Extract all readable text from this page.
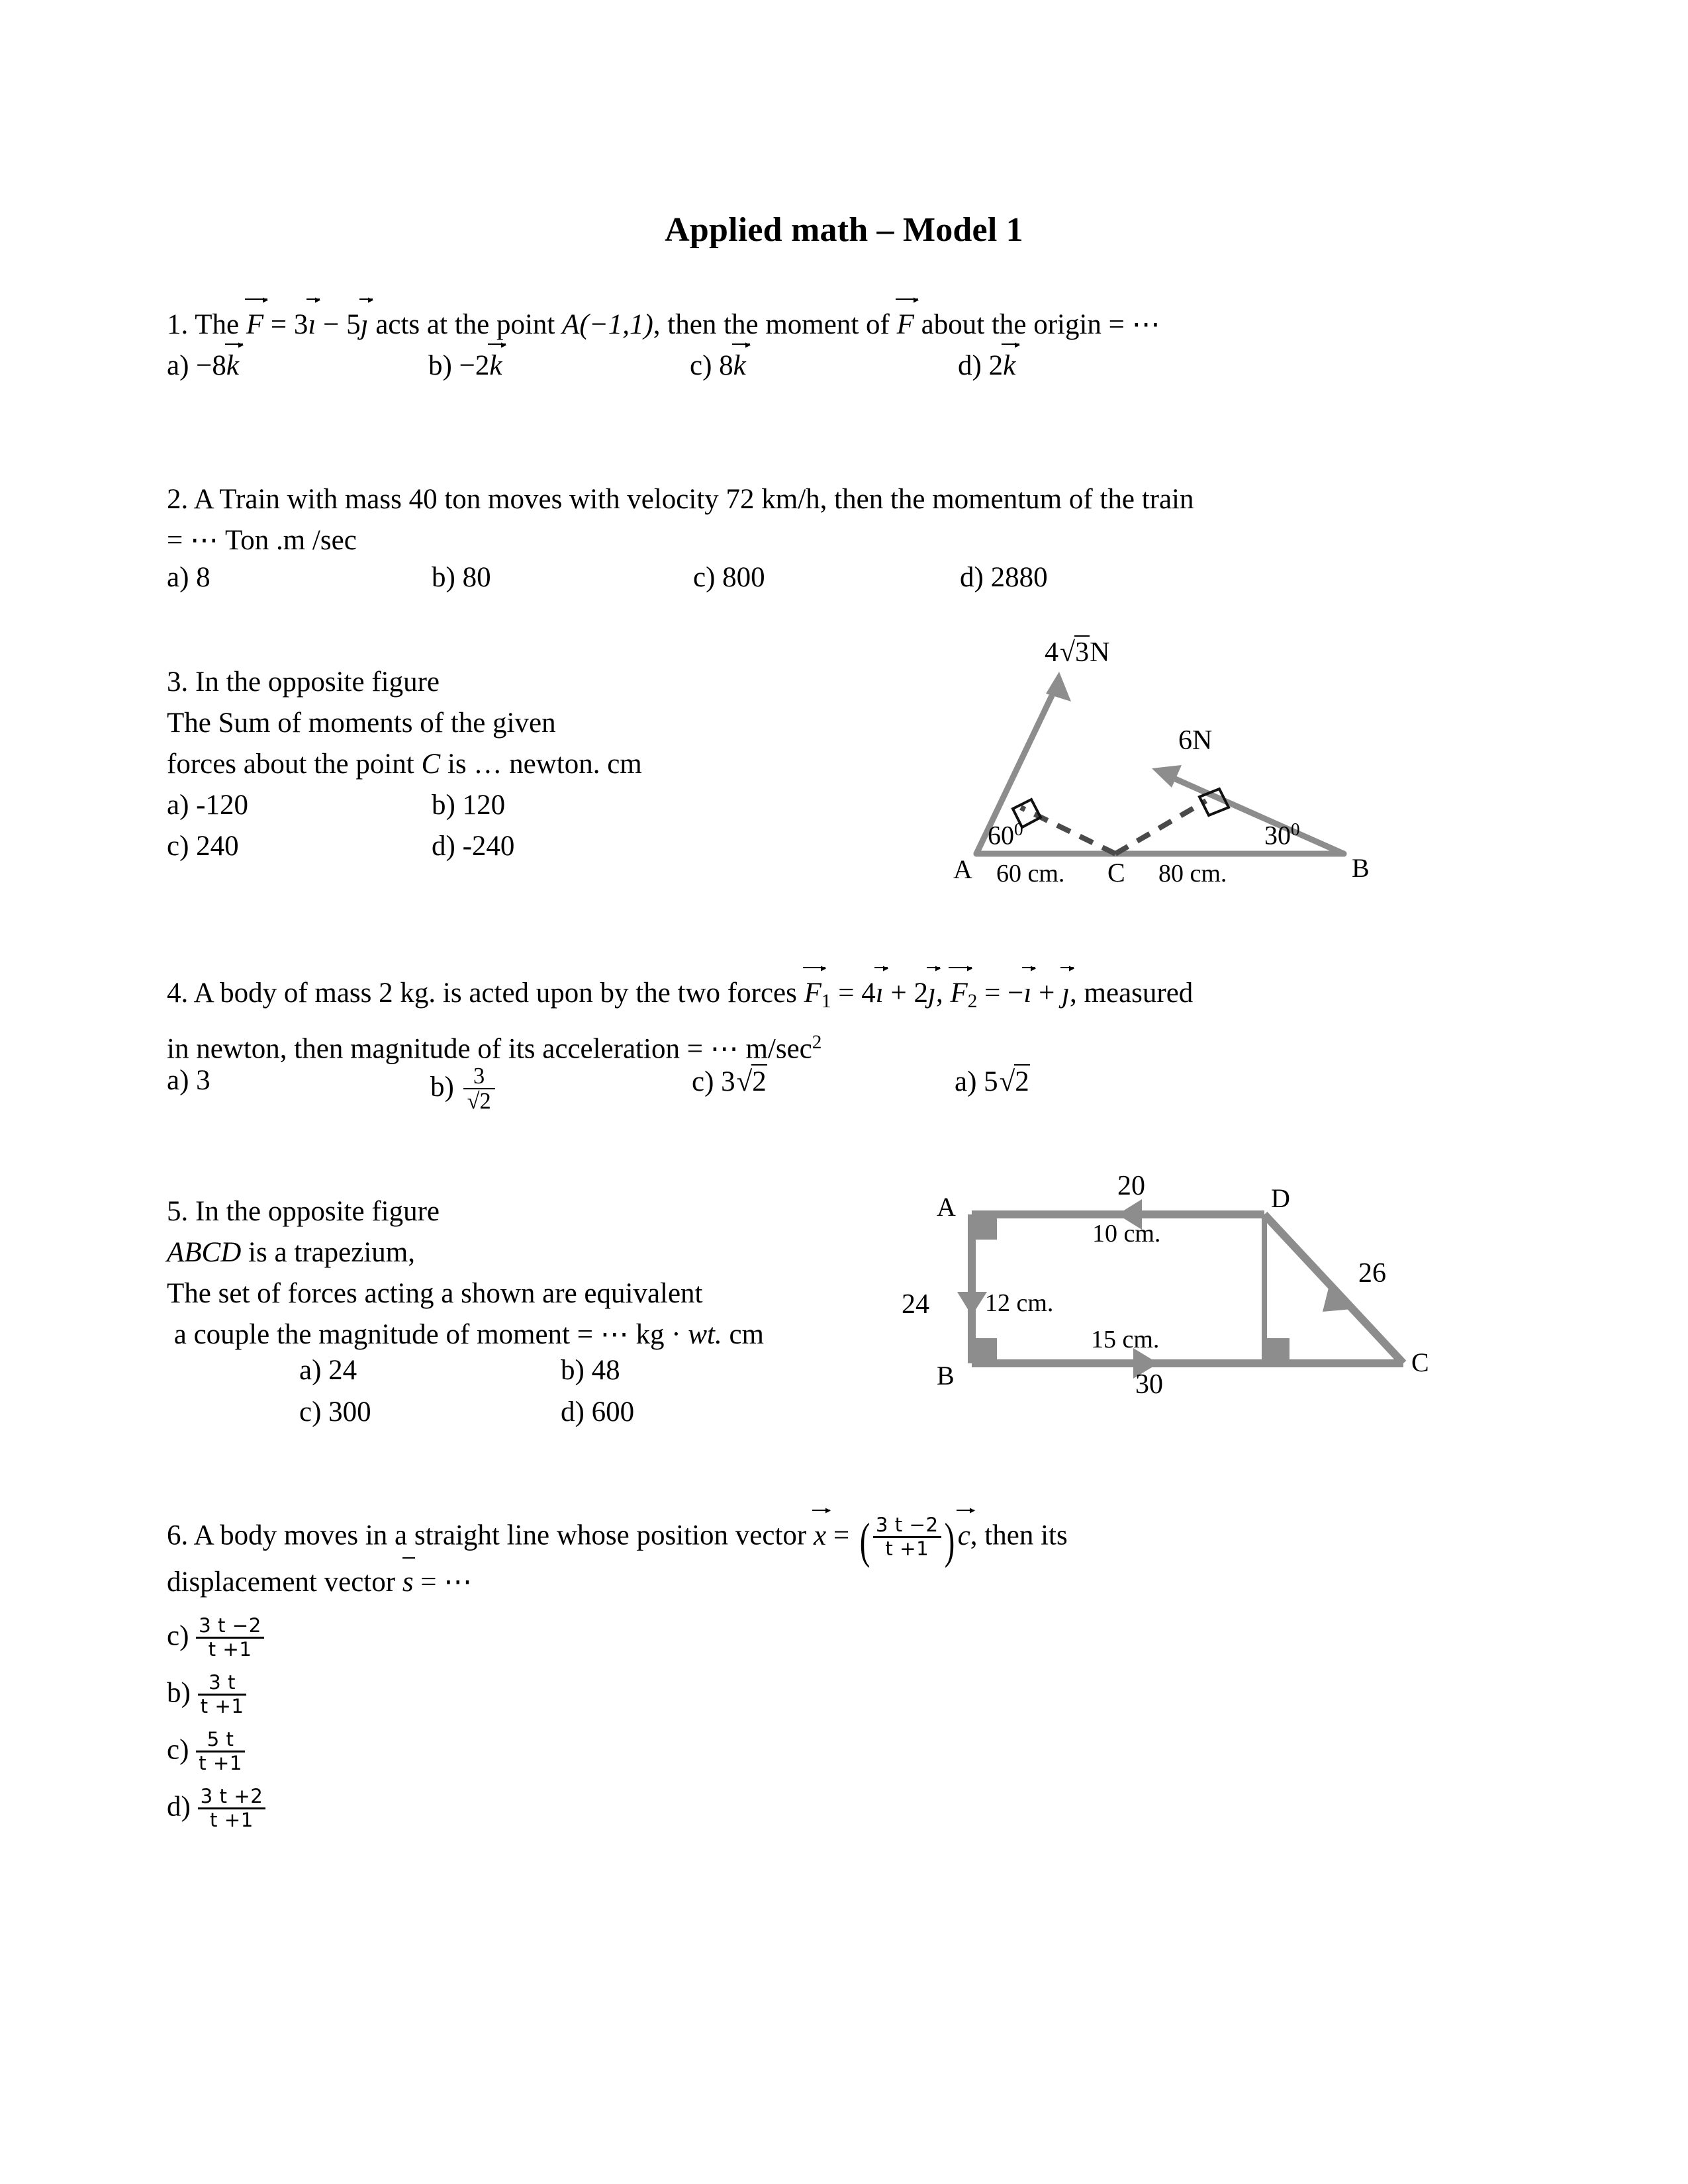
Applied math – Model 1
1. The F = 3ı − 5ȷ acts at the point A(−1,1), then the moment of F about the origin = ⋯
a) −8k	b) −2k	c) 8k	d) 2k
2. A Train with mass 40 ton moves with velocity 72 km/h, then the momentum of the train
= ⋯ Ton .m /sec
a) 8	b) 80	c) 800	d) 2880
3. In the opposite figure
The Sum of moments of the given
forces about the point C is … newton. cm
a) -120	b) 120
c) 240	d) -240
4√3N
6N
$60^0$	$30^0$
A	C	B
60 cm.	80 cm.
4. A body of mass 2 kg. is acted upon by the two forces $F_1$ = 4ı + 2ȷ, $F_2$ = −ı + ȷ, measured
in newton, then magnitude of its acceleration = ⋯ $m/\sec^2$
a) 3	$b) \frac{3}{√2}$	c) 3√2	a) 5√2
5. In the opposite figure
ABCD is a trapezium,
The set of forces acting a shown are equivalent
a couple the magnitude of moment = ⋯ kg · wt. cm
a) 24	b) 48
c) 300	d) 600
20
A	D
10 cm.
24 12 cm.
26
15 cm.
B	C
30
6. A body moves in a straight line whose position vector x = ( $\frac{3 t -2}{t +1}$ ) c, then its
displacement vector s = ⋯
$c) \frac{3 t -2}{t +1}$
$b) \frac{3 t}{t +1}$
$c) \frac{5 t}{t +1}$
$d) \frac{3 t +2}{t +1}$
